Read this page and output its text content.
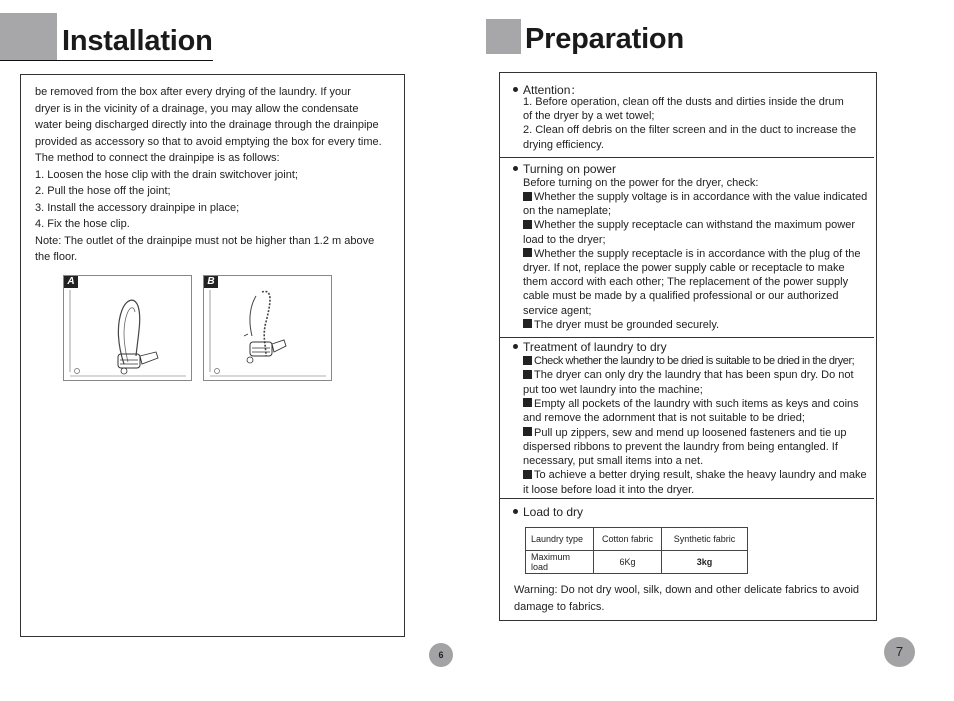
Installation
be removed from the box after every drying of the laundry. If your
dryer is in the vicinity of a drainage, you may allow the condensate
water being discharged directly into the drainage through the drainpipe
provided as accessory so that to avoid emptying the box for every time.
The method to connect the drainpipe is as follows:
1. Loosen the hose clip with the drain switchover joint;
2. Pull the hose off the joint;
3. Install the accessory drainpipe in place;
4. Fix the hose clip.
Note: The outlet of the drainpipe must not be higher than 1.2 m above
the floor.
A	B
6
Preparation
Attention：
1. Before operation, clean off the dusts and dirties inside the drum
of the dryer by a wet towel;
2. Clean off debris on the filter screen and in the duct to increase the
drying efficiency.
Turning on power
Before turning on the power for the dryer, check:
Whether the supply voltage is in accordance with the value indicated
on the nameplate;
Whether the supply receptacle can withstand the maximum power
load to the dryer;
Whether the supply receptacle is in accordance with the plug of the
dryer. If not, replace the power supply cable or receptacle to make
them accord with each other; The replacement of the power supply
cable must be made by a qualified professional or our authorized
service agent;
The dryer must be grounded securely.
Treatment of laundry to dry
Check whether the laundry to be dried is suitable to be dried in the dryer;
The dryer can only dry the laundry that has been spun dry. Do not
put too wet laundry into the machine;
Empty all pockets of the laundry with such items as keys and coins
and remove the adornment that is not suitable to be dried;
Pull up zippers, sew and mend up loosened fasteners and tie up
dispersed ribbons to prevent the laundry from being entangled. If
necessary, put small items into a net.
To achieve a better drying result, shake the heavy laundry and make
it loose before load it into the dryer.
Load to dry
Laundry type	Cotton fabric	Synthetic fabric
Maximum load	6Kg	3kg
Warning: Do not dry wool, silk, down and other delicate fabrics to avoid
damage to fabrics.
7
